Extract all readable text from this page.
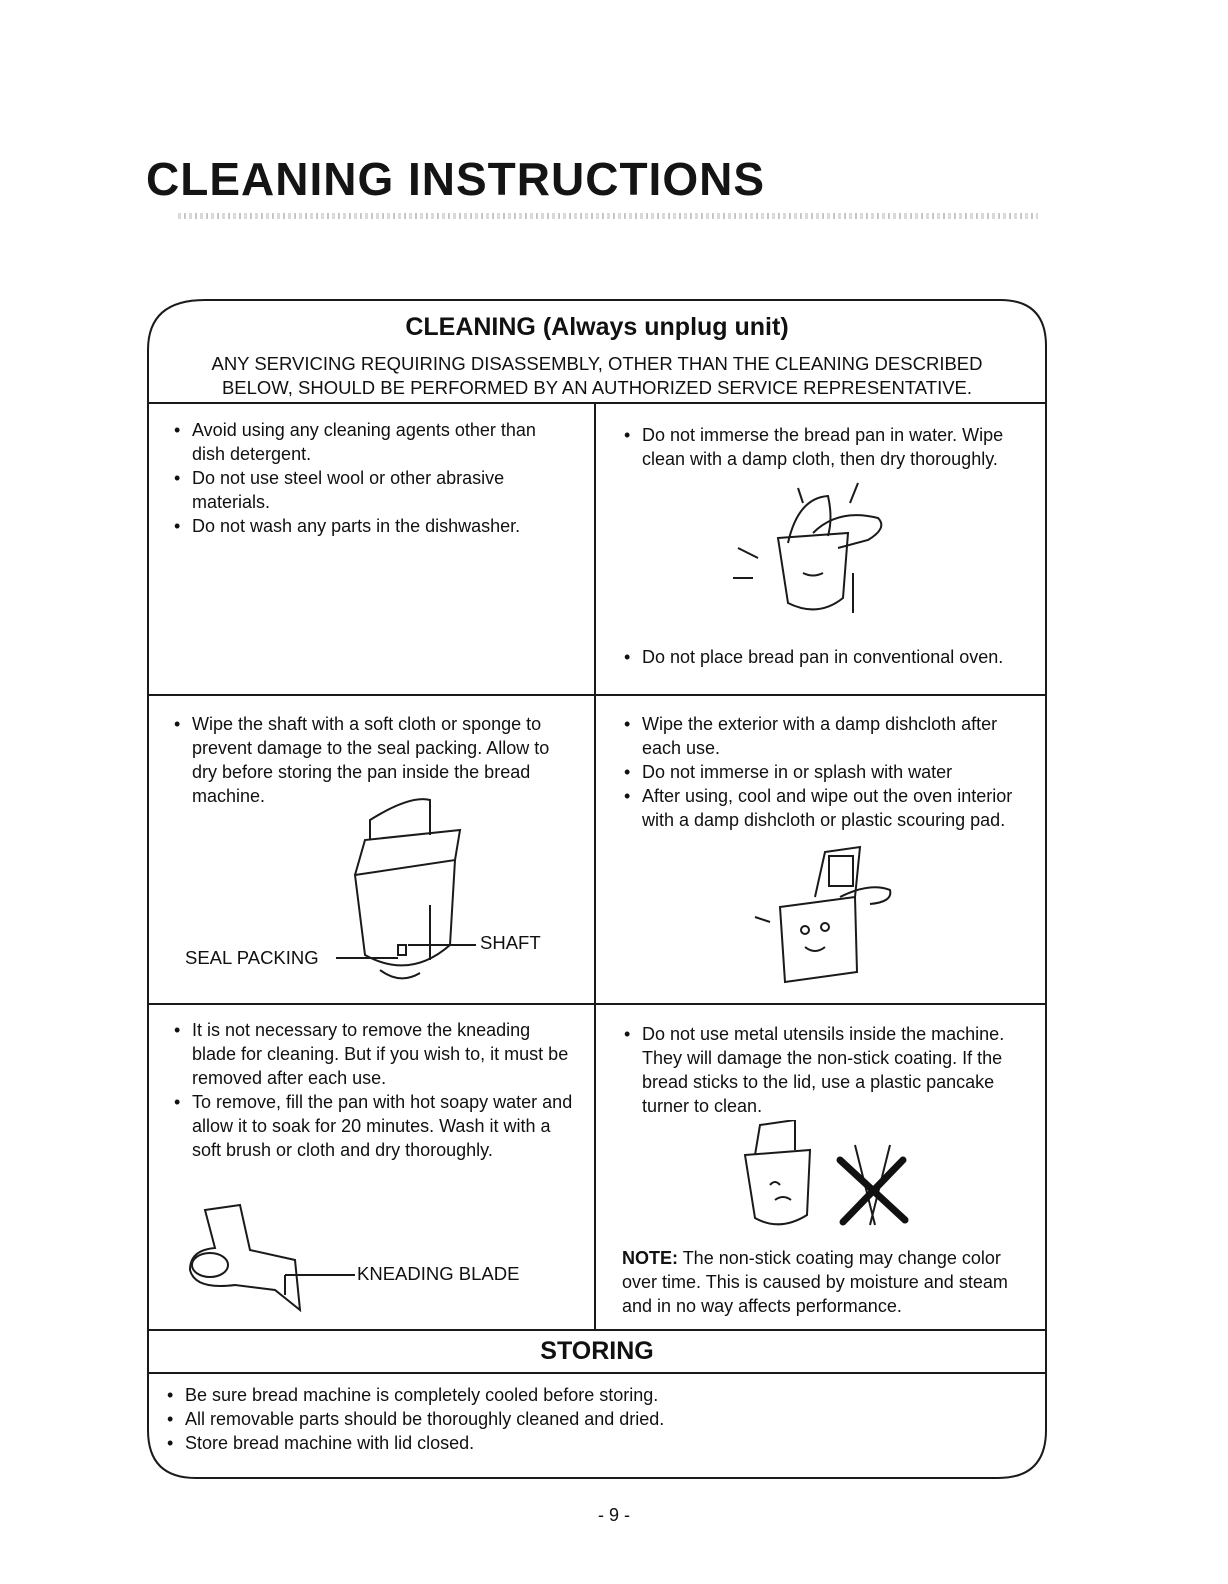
CLEANING INSTRUCTIONS
CLEANING (Always unplug unit)
ANY SERVICING REQUIRING DISASSEMBLY, OTHER THAN THE CLEANING DESCRIBED
BELOW, SHOULD BE PERFORMED BY AN AUTHORIZED SERVICE REPRESENTATIVE.
• Avoid using any cleaning agents other than dish detergent.
• Do not use steel wool or other abrasive materials.
• Do not wash any parts in the dishwasher.
• Do not immerse the bread pan in water. Wipe clean with a damp cloth, then dry thoroughly.
• Do not place bread pan in conventional oven.
• Wipe the shaft with a soft cloth or sponge to prevent damage to the seal packing. Allow to dry before storing the pan inside the bread machine.
SEAL PACKING
SHAFT
• Wipe the exterior with a damp dishcloth after each use.
• Do not immerse in or splash with water
• After using, cool and wipe out the oven interior with a damp dishcloth or plastic scouring pad.
• It is not necessary to remove the kneading blade for cleaning. But if you wish to, it must be removed after each use.
• To remove, fill the pan with hot soapy water and allow it to soak for 20 minutes. Wash it with a soft brush or cloth and dry thoroughly.
KNEADING BLADE
• Do not use metal utensils inside the machine. They will damage the non-stick coating. If the bread sticks to the lid, use a plastic pancake turner to clean.
NOTE: The non-stick coating may change color over time. This is caused by moisture and steam and in no way affects performance.
STORING
• Be sure bread machine is completely cooled before storing.
• All removable parts should be thoroughly cleaned and dried.
• Store bread machine with lid closed.
- 9 -
